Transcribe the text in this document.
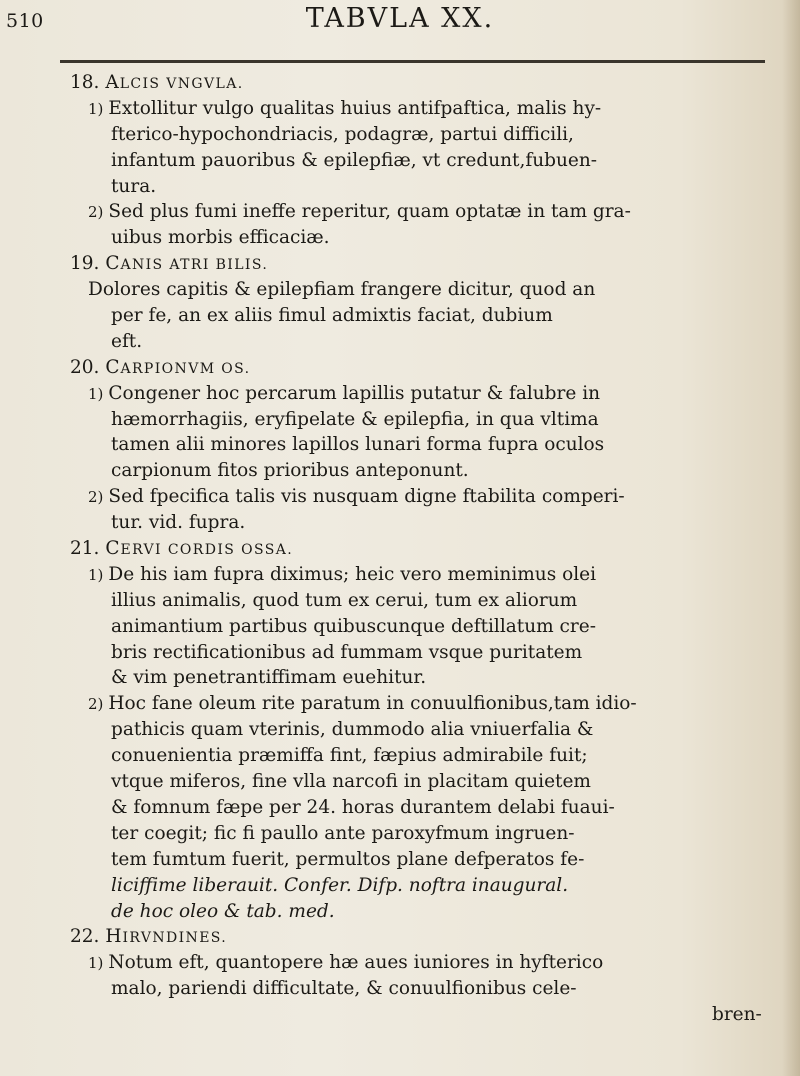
510	TABVLA XX.
18. ALCIS VNGVLA.
1) Extollitur vulgo qualitas huius antifpaftica, malis hy-
fterico-hypochondriacis, podagræ, partui difficili,
infantum pauoribus & epilepfiæ, vt credunt,fubuen-
tura.
2) Sed plus fumi ineffe reperitur, quam optatæ in tam gra-
uibus morbis efficaciæ.
19. CANIS ATRI BILIS.
Dolores capitis & epilepfiam frangere dicitur, quod an
per fe, an ex aliis fimul admixtis faciat, dubium
eft.
20. CARPIONVM OS.
1) Congener hoc percarum lapillis putatur & falubre in
hæmorrhagiis, eryfipelate & epilepfia, in qua vltima
tamen alii minores lapillos lunari forma fupra oculos
carpionum fitos prioribus anteponunt.
2) Sed fpecifica talis vis nusquam digne ftabilita comperi-
tur. vid. fupra.
21. CERVI CORDIS OSSA.
1) De his iam fupra diximus; heic vero meminimus olei
illius animalis, quod tum ex cerui, tum ex aliorum
animantium partibus quibuscunque deftillatum cre-
bris rectificationibus ad fummam vsque puritatem
& vim penetrantiffimam euehitur.
2) Hoc fane oleum rite paratum in conuulfionibus,tam idio-
pathicis quam vterinis, dummodo alia vniuerfalia &
conuenientia præmiffa fint, fæpius admirabile fuit;
vtque miferos, fine vlla narcofi in placitam quietem
& fomnum fæpe per 24. horas durantem delabi fuaui-
ter coegit; fic fi paullo ante paroxyfmum ingruen-
tem fumtum fuerit, permultos plane defperatos fe-
liciffime liberauit. Confer. Difp. noftra inaugural.
de hoc oleo & tab. med.
22. HIRVNDINES.
1) Notum eft, quantopere hæ aues iuniores in hyfterico
malo, pariendi difficultate, & conuulfionibus cele-
bren-
